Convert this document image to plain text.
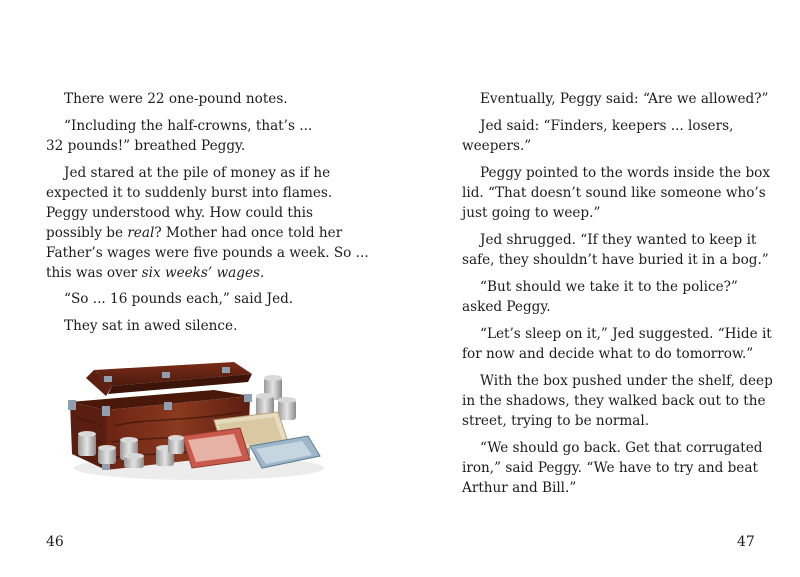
There were 22 one-pound notes.

“Including the half-crowns, that’s ...
32 pounds!” breathed Peggy.

Jed stared at the pile of money as if he
expected it to suddenly burst into flames.
Peggy understood why. How could this
possibly be real? Mother had once told her
Father’s wages were five pounds a week. So ...
this was over six weeks’ wages.

“So ... 16 pounds each,” said Jed.

They sat in awed silence.

46

Eventually, Peggy said: “Are we allowed?”

Jed said: “Finders, keepers ... losers,
weepers.”

Peggy pointed to the words inside the box
lid. “That doesn’t sound like someone who’s
just going to weep.”

Jed shrugged. “If they wanted to keep it
safe, they shouldn’t have buried it in a bog.”

“But should we take it to the police?”
asked Peggy.

“Let’s sleep on it,” Jed suggested. “Hide it
for now and decide what to do tomorrow.”

With the box pushed under the shelf, deep
in the shadows, they walked back out to the
street, trying to be normal.

“We should go back. Get that corrugated
iron,” said Peggy. “We have to try and beat
Arthur and Bill.”

47
